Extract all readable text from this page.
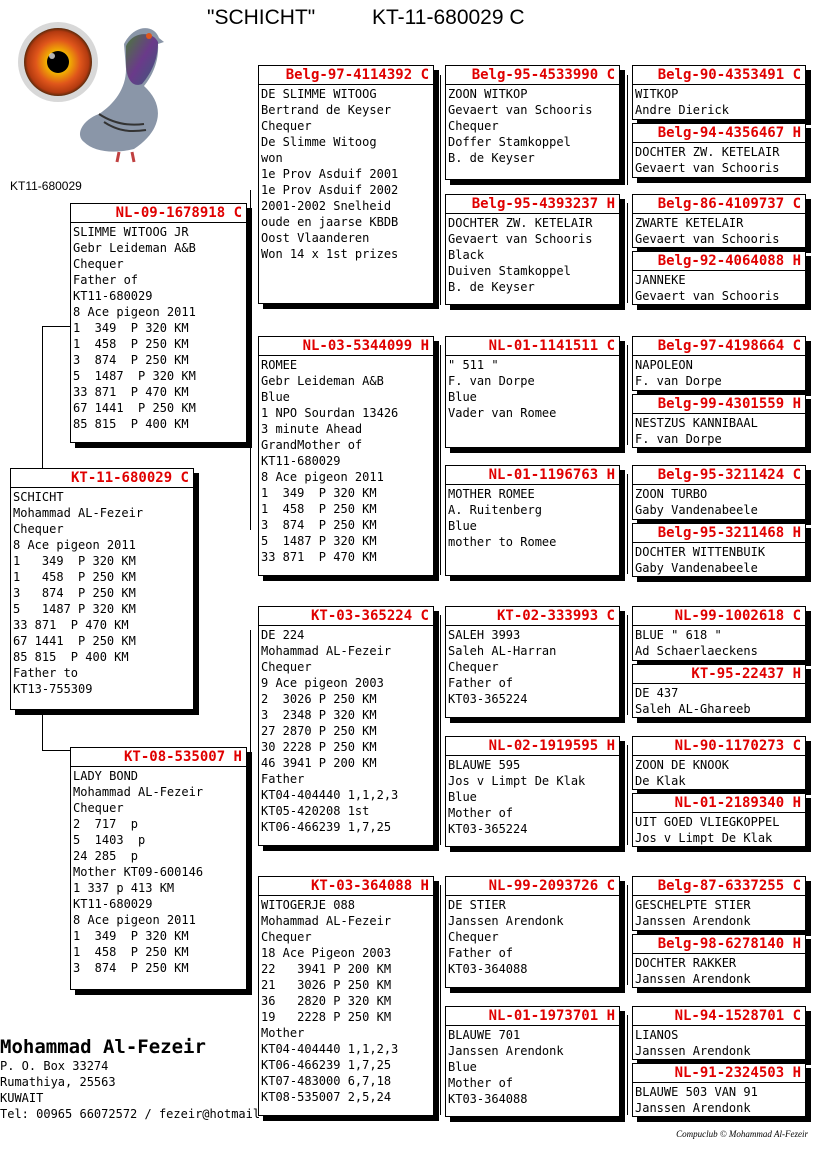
"SCHICHT"	KT-11-680029 C
KT11-680029
KT-11-680029 C
SCHICHT
Mohammad AL-Fezeir
Chequer
8 Ace pigeon 2011
1   349  P 320 KM
1   458  P 250 KM
3   874  P 250 KM
5   1487 P 320 KM
33 871  P 470 KM
67 1441  P 250 KM
85 815  P 400 KM
Father to
KT13-755309
NL-09-1678918 C
SLIMME WITOOG JR
Gebr Leideman A&B
Chequer
Father of
KT11-680029
8 Ace pigeon 2011
1  349  P 320 KM
1  458  P 250 KM
3  874  P 250 KM
5  1487  P 320 KM
33 871  P 470 KM
67 1441  P 250 KM
85 815  P 400 KM
KT-08-535007 H
LADY BOND
Mohammad AL-Fezeir
Chequer
2  717  p
5  1403  p
24 285  p
Mother KT09-600146
1 337 p 413 KM
KT11-680029
8 Ace pigeon 2011
1  349  P 320 KM
1  458  P 250 KM
3  874  P 250 KM
Belg-97-4114392 C
DE SLIMME WITOOG
Bertrand de Keyser
Chequer
De Slimme Witoog
won
1e Prov Asduif 2001
1e Prov Asduif 2002
2001-2002 Snelheid
oude en jaarse KBDB
Oost Vlaanderen
Won 14 x 1st prizes
NL-03-5344099 H
ROMEE
Gebr Leideman A&B
Blue
1 NPO Sourdan 13426
3 minute Ahead
GrandMother of
KT11-680029
8 Ace pigeon 2011
1  349  P 320 KM
1  458  P 250 KM
3  874  P 250 KM
5  1487 P 320 KM
33 871  P 470 KM
KT-03-365224 C
DE 224
Mohammad AL-Fezeir
Chequer
9 Ace pigeon 2003
2  3026 P 250 KM
3  2348 P 320 KM
27 2870 P 250 KM
30 2228 P 250 KM
46 3941 P 200 KM
Father
KT04-404440 1,1,2,3
KT05-420208 1st
KT06-466239 1,7,25
KT-03-364088 H
WITOGERJE 088
Mohammad AL-Fezeir
Chequer
18 Ace Pigeon 2003
22   3941 P 200 KM
21   3026 P 250 KM
36   2820 P 320 KM
19   2228 P 250 KM
Mother
KT04-404440 1,1,2,3
KT06-466239 1,7,25
KT07-483000 6,7,18
KT08-535007 2,5,24
Belg-95-4533990 C
ZOON WITKOP
Gevaert van Schooris
Chequer
Doffer Stamkoppel
B. de Keyser
Belg-95-4393237 H
DOCHTER ZW. KETELAIR
Gevaert van Schooris
Black
Duiven Stamkoppel
B. de Keyser
NL-01-1141511 C
" 511 "
F. van Dorpe
Blue
Vader van Romee
NL-01-1196763 H
MOTHER ROMEE
A. Ruitenberg
Blue
mother to Romee
KT-02-333993 C
SALEH 3993
Saleh AL-Harran
Chequer
Father of
KT03-365224
NL-02-1919595 H
BLAUWE 595
Jos v Limpt De Klak
Blue
Mother of
KT03-365224
NL-99-2093726 C
DE STIER
Janssen Arendonk
Chequer
Father of
KT03-364088
NL-01-1973701 H
BLAUWE 701
Janssen Arendonk
Blue
Mother of
KT03-364088
Belg-90-4353491 C
WITKOP
Andre Dierick
Belg-94-4356467 H
DOCHTER ZW. KETELAIR
Gevaert van Schooris
Belg-86-4109737 C
ZWARTE KETELAIR
Gevaert van Schooris
Belg-92-4064088 H
JANNEKE
Gevaert van Schooris
Belg-97-4198664 C
NAPOLEON
F. van Dorpe
Belg-99-4301559 H
NESTZUS KANNIBAAL
F. van Dorpe
Belg-95-3211424 C
ZOON TURBO
Gaby Vandenabeele
Belg-95-3211468 H
DOCHTER WITTENBUIK
Gaby Vandenabeele
NL-99-1002618 C
BLUE " 618 "
Ad Schaerlaeckens
KT-95-22437 H
DE 437
Saleh AL-Ghareeb
NL-90-1170273 C
ZOON DE KNOOK
De Klak
NL-01-2189340 H
UIT GOED VLIEGKOPPEL
Jos v Limpt De Klak
Belg-87-6337255 C
GESCHELPTE STIER
Janssen Arendonk
Belg-98-6278140 H
DOCHTER RAKKER
Janssen Arendonk
NL-94-1528701 C
LIANOS
Janssen Arendonk
NL-91-2324503 H
BLAUWE 503 VAN 91
Janssen Arendonk
Mohammad Al-Fezeir
P. O. Box 33274
Rumathiya, 25563
KUWAIT
Tel: 00965 66072572 / fezeir@hotmail.
Compuclub © Mohammad Al-Fezeir
